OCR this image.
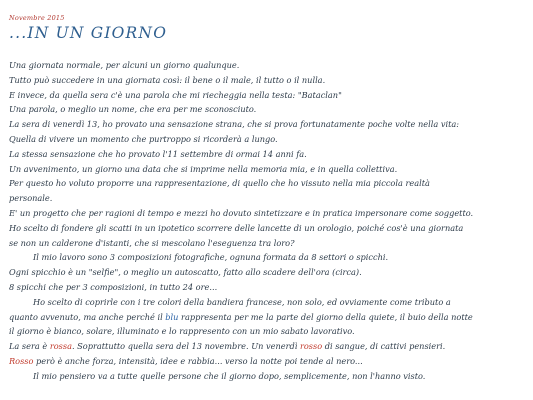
Novembre 2015
...IN UN GIORNO
Una giornata normale, per alcuni un giorno qualunque.
Tutto può succedere in una giornata così: il bene o il male, il tutto o il nulla.
E invece, da quella sera c'è una parola che mi riecheggia nella testa: "Bataclan"
Una parola, o meglio un nome, che era per me sconosciuto.
La sera di venerdì 13, ho provato una sensazione strana, che si prova fortunatamente poche volte nella vita:
Quella di vivere un momento che purtroppo si ricorderà a lungo.
La stessa sensazione che ho provato l'11 settembre di ormai 14 anni fa.
Un avvenimento, un giorno una data che si imprime nella memoria mia, e in quella collettiva.
Per questo ho voluto proporre una rappresentazione, di quello che ho vissuto nella mia piccola realtà
personale.
E' un progetto che per ragioni di tempo e mezzi ho dovuto sintetizzare e in pratica impersonare come soggetto.
Ho scelto di fondere gli scatti in un ipotetico scorrere delle lancette di un orologio, poiché cos'è una giornata
se non un calderone d'istanti, che si mescolano l'eseguenza tra loro?
Il mio lavoro sono 3 composizioni fotografiche, ognuna formata da 8 settori o spicchi.
Ogni spicchio è un "selfie", o meglio un autoscatto, fatto allo scadere dell'ora (circa).
8 spicchi che per 3 composizioni, in tutto 24 ore...
Ho scelto di coprirle con i tre colori della bandiera francese, non solo, ed ovviamente come tributo a
quanto avvenuto, ma anche perché il blu rappresenta per me la parte del giorno della quiete, il buio della notte
il giorno è bianco, solare, illuminato e lo rappresento con un mio sabato lavorativo.
La sera è rossa. Soprattutto quella sera del 13 novembre. Un venerdì rosso di sangue, di cattivi pensieri.
Rosso però è anche forza, intensità, idee e rabbia... verso la notte poi tende al nero...
Il mio pensiero va a tutte quelle persone che il giorno dopo, semplicemente, non l'hanno visto.
